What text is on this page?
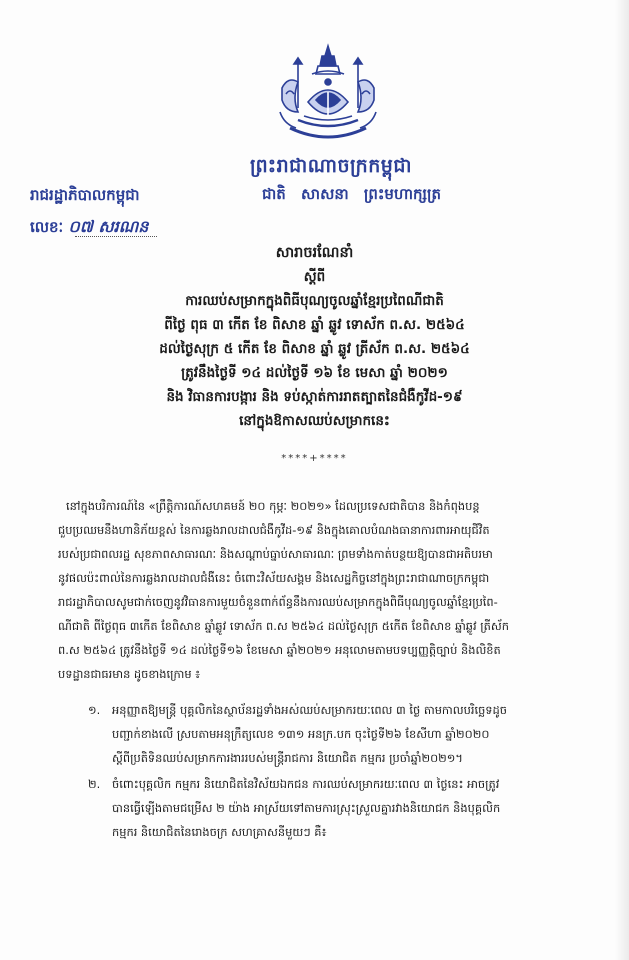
ព្រះរាជាណាចក្រកម្ពុជា
ជាតិ សាសនា ព្រះមហាក្សត្រ
រាជរដ្ឋាភិបាលកម្ពុជា
លេខៈ ០៧ សរណន
សារាចរណែនាំ
ស្តីពី
ការឈប់សម្រាកក្នុងពិធីបុណ្យចូលឆ្នាំខ្មែរប្រពៃណីជាតិ
ពីថ្ងៃ ពុធ ៣ កើត ខែ ពិសាខ ឆ្នាំ ឆ្លូវ ទោស័ក ព.ស. ២៥៦៤
ដល់ថ្ងៃសុក្រ ៥ កើត ខែ ពិសាខ ឆ្នាំ ឆ្លូវ ត្រីស័ក ព.ស. ២៥៦៤
ត្រូវនឹងថ្ងៃទី ១៤ ដល់ថ្ងៃទី ១៦ ខែ មេសា ឆ្នាំ ២០២១
និង វិធានការបង្ការ និង ទប់ស្កាត់ការរាតត្បាតនៃជំងឺកូវីដ-១៩
នៅក្នុងឱកាសឈប់សម្រាកនេះ
****+****
នៅក្នុងបរិការណ៍នៃ «ព្រឹត្តិការណ៍សហគមន៍ ២០ កុម្ភៈ ២០២១» ដែលប្រទេសជាតិបាន និងកំពុងបន្ត
ជួបប្រឈមនឹងហានិភ័យខ្ពស់ នៃការឆ្លងរាលដាលជំងឺកូវីដ-១៩ និងក្នុងគោលបំណងធានាការពារអាយុជីវិត
របស់ប្រជាពលរដ្ឋ សុខភាពសាធារណៈ និងសណ្តាប់ធ្នាប់សាធារណៈ ព្រមទាំងកាត់បន្ថយឱ្យបានជាអតិបរមា
នូវផលប៉ះពាល់នៃការឆ្លងរាលដាលជំងឺនេះ ចំពោះវិស័យសង្គម និងសេដ្ឋកិច្ចនៅក្នុងព្រះរាជាណាចក្រកម្ពុជា
រាជរដ្ឋាភិបាលសូមជាក់ចេញនូវវិធានការមួយចំនួនពាក់ព័ន្ធនឹងការឈប់សម្រាកក្នុងពិធីបុណ្យចូលឆ្នាំខ្មែរប្រពៃ-
ណីជាតិ ពីថ្ងៃពុធ ៣កើត ខែពិសាខ ឆ្នាំឆ្លូវ ទោស័ក ព.ស ២៥៦៤ ដល់ថ្ងៃសុក្រ ៥កើត ខែពិសាខ ឆ្នាំឆ្លូវ ត្រីស័ក
ព.ស ២៥៦៤ ត្រូវនឹងថ្ងៃទី ១៤ ដល់ថ្ងៃទី១៦ ខែមេសា ឆ្នាំ២០២១ អនុលោមតាមបទប្បញ្ញត្តិច្បាប់ និងលិខិត
បទដ្ឋានជាធរមាន ដូចខាងក្រោម ៖
១. អនុញ្ញាតឱ្យមន្ត្រី បុគ្គលិកនៃស្ថាប័នរដ្ឋទាំងអស់ឈប់សម្រាករយៈពេល ៣ ថ្ងៃ តាមកាលបរិច្ឆេទដូច
បញ្ជាក់ខាងលើ ស្របតាមអនុក្រឹត្យលេខ ១៣១ អនក្រ.បក ចុះថ្ងៃទី២៦ ខែសីហា ឆ្នាំ២០២០
ស្តីពីប្រតិទិនឈប់សម្រាកការងាររបស់មន្ត្រីរាជការ និយោជិត កម្មករ ប្រចាំឆ្នាំ២០២១។
២. ចំពោះបុគ្គលិក កម្មករ និយោជិតនៃវិស័យឯកជន ការឈប់សម្រាករយៈពេល ៣ ថ្ងៃនេះ អាចត្រូវ
បានធ្វើឡើងតាមជម្រើស ២ យ៉ាង អាស្រ័យទៅតាមការស្រុះស្រួលគ្នារវាងនិយោជក និងបុគ្គលិក
កម្មករ និយោជិតនៃរោងចក្រ សហគ្រាសនីមួយៗ គឺ៖
